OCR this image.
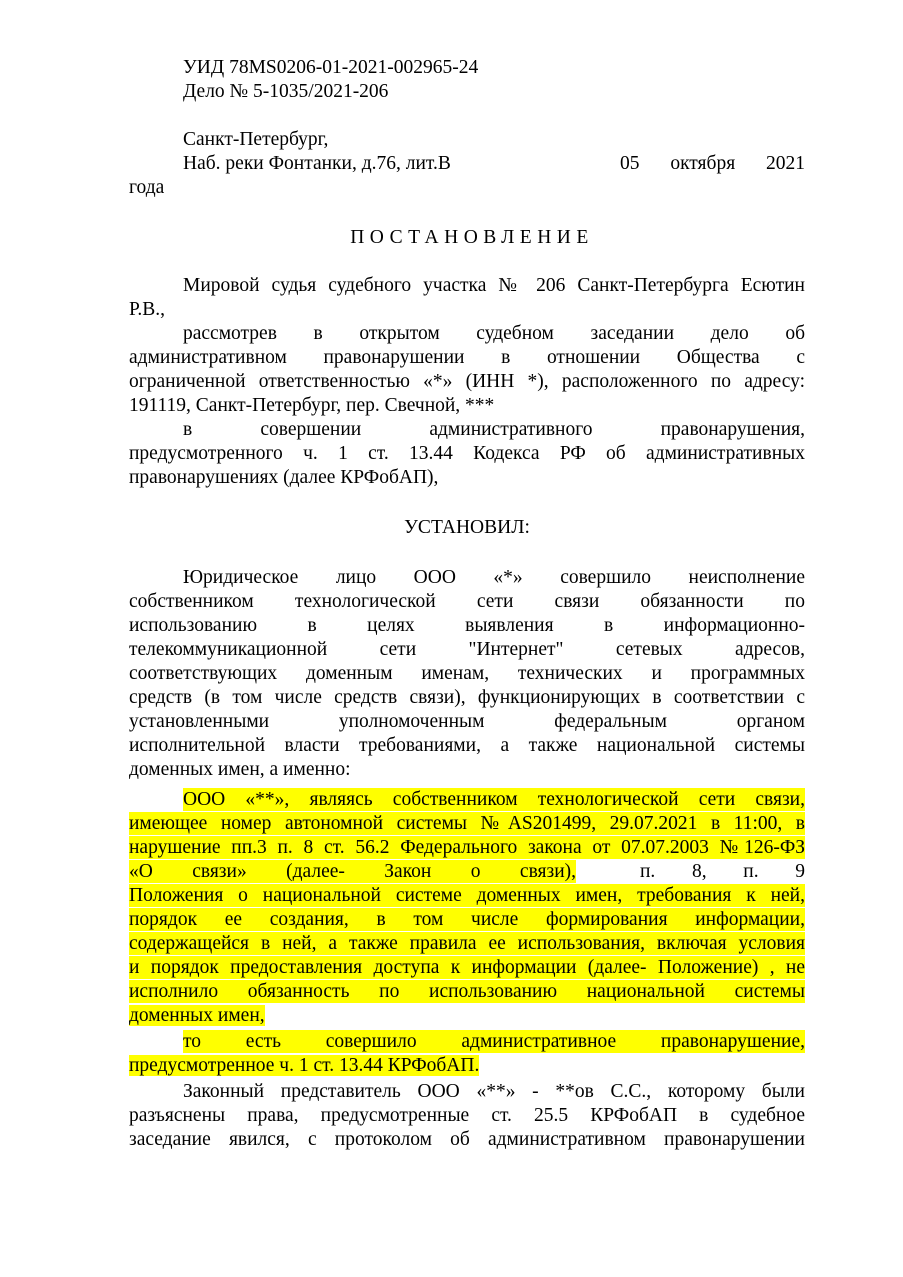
УИД 78MS0206-01-2021-002965-24
Дело № 5-1035/2021-206
Санкт-Петербург,
Наб. реки Фонтанки, д.76, лит.В	05 октября 2021
года
ПОСТАНОВЛЕНИЕ
Мировой судья судебного участка № 206 Санкт-Петербурга Есютин
Р.В.,
рассмотрев в открытом судебном заседании дело об
административном правонарушении в отношении Общества с
ограниченной ответственностью «*» (ИНН *), расположенного по адресу:
191119, Санкт-Петербург, пер. Свечной, ***
в совершении административного правонарушения,
предусмотренного ч. 1 ст. 13.44 Кодекса РФ об административных
правонарушениях (далее КРФобАП),
УСТАНОВИЛ:
Юридическое лицо ООО «*» совершило неисполнение
собственником технологической сети связи обязанности по
использованию в целях выявления в информационно-
телекоммуникационной сети "Интернет" сетевых адресов,
соответствующих доменным именам, технических и программных
средств (в том числе средств связи), функционирующих в соответствии с
установленными уполномоченным федеральным органом
исполнительной власти требованиями, а также национальной системы
доменных имен, а именно:
ООО «**», являясь собственником технологической сети связи,
имеющее номер автономной системы №AS201499, 29.07.2021 в 11:00, в
нарушение пп.3 п. 8 ст. 56.2 Федерального закона от 07.07.2003 №126-ФЗ
«О связи» (далее- Закон о связи),	п. 8, п. 9
Положения о национальной системе доменных имен, требования к ней,
порядок ее создания, в том числе формирования информации,
содержащейся в ней, а также правила ее использования, включая условия
и порядок предоставления доступа к информации (далее- Положение) , не
исполнило обязанность по использованию национальной системы
доменных имен,
то есть совершило административное правонарушение,
предусмотренное ч. 1 ст. 13.44 КРФобАП.
Законный представитель ООО «**» - **ов С.С., которому были
разъяснены права, предусмотренные ст. 25.5 КРФобАП в судебное
заседание явился, с протоколом об административном правонарушении
